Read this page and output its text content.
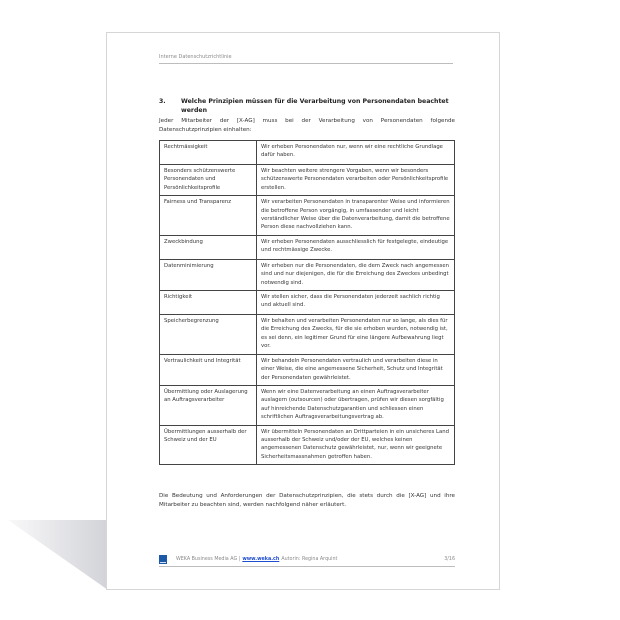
Interne Datenschutzrichtlinie
3.	Welche Prinzipien müssen für die Verarbeitung von Personendaten beachtet werden
Jeder Mitarbeiter der [X-AG] muss bei der Verarbeitung von Personendaten folgende Datenschutzprinzipien einhalten:
Rechtmässigkeit	Wir erheben Personendaten nur, wenn wir eine rechtliche Grundlage dafür haben.
Besonders schützenswerte Personendaten und Persönlichkeitsprofile	Wir beachten weitere strengere Vorgaben, wenn wir besonders schützenswerte Personendaten verarbeiten oder Persönlichkeitsprofile erstellen.
Fairness und Transparenz	Wir verarbeiten Personendaten in transparenter Weise und informieren die betroffene Person vorgängig, in umfassender und leicht verständlicher Weise über die Datenverarbeitung, damit die betroffene Person diese nachvollziehen kann.
Zweckbindung	Wir erheben Personendaten ausschliesslich für festgelegte, eindeutige und rechtmässige Zwecke.
Datenminimierung	Wir erheben nur die Personendaten, die dem Zweck nach angemessen sind und nur diejenigen, die für die Erreichung des Zweckes unbedingt notwendig sind.
Richtigkeit	Wir stellen sicher, dass die Personendaten jederzeit sachlich richtig und aktuell sind.
Speicherbegrenzung	Wir behalten und verarbeiten Personendaten nur so lange, als dies für die Erreichung des Zwecks, für die sie erhoben wurden, notwendig ist, es sei denn, ein legitimer Grund für eine längere Aufbewahrung liegt vor.
Vertraulichkeit und Integrität	Wir behandeln Personendaten vertraulich und verarbeiten diese in einer Weise, die eine angemessene Sicherheit, Schutz und Integrität der Personendaten gewährleistet.
Übermittlung oder Auslagerung an Auftragsverarbeiter	Wenn wir eine Datenverarbeitung an einen Auftragsverarbeiter auslagern (outsourcen) oder übertragen, prüfen wir diesen sorgfältig auf hinreichende Datenschutzgarantien und schliessen einen schriftlichen Auftragsverarbeitungsvertrag ab.
Übermittlungen ausserhalb der Schweiz und der EU	Wir übermitteln Personendaten an Drittparteien in ein unsicheres Land ausserhalb der Schweiz und/oder der EU, welches keinen angemessenen Datenschutz gewährleistet, nur, wenn wir geeignete Sicherheitsmassnahmen getroffen haben.
Die Bedeutung und Anforderungen der Datenschutzprinzipien, die stets durch die [X-AG] und ihre Mitarbeiter zu beachten sind, werden nachfolgend näher erläutert.
WEKA Business Media AG | www.weka.ch Autorin: Regina Arquint	3/16
